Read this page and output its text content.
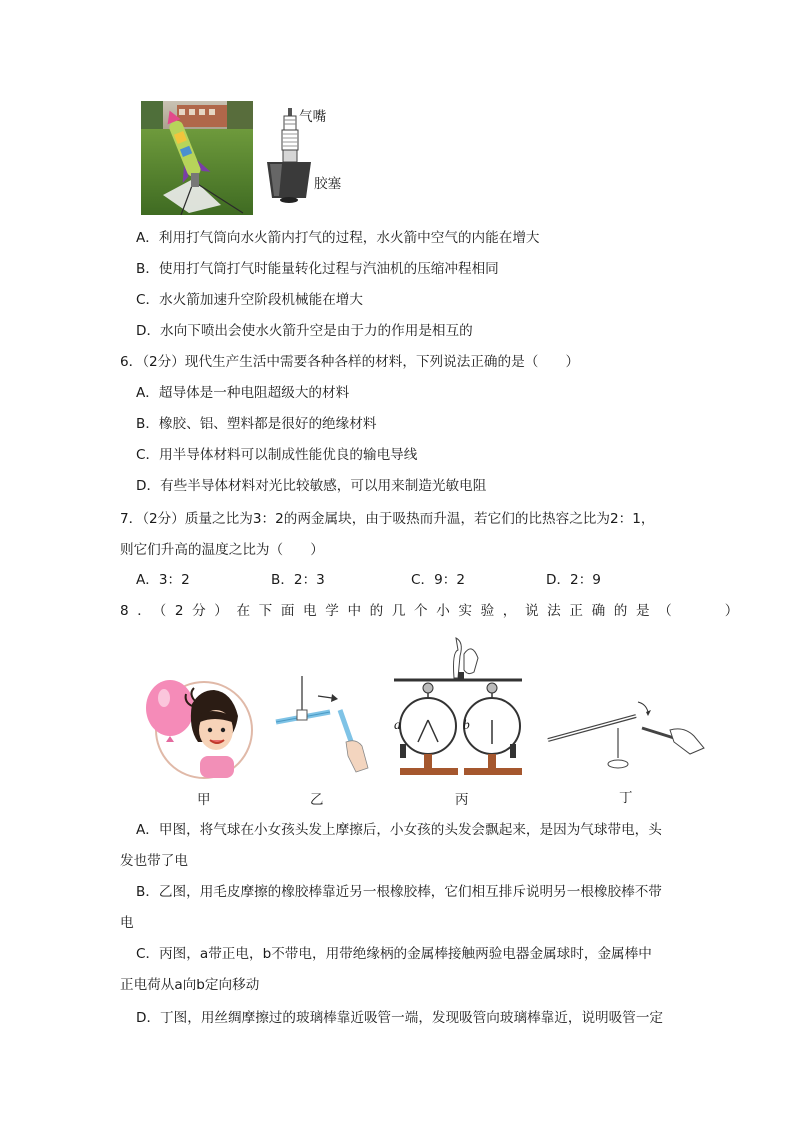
气嘴
胶塞
A．利用打气筒向水火箭内打气的过程，水火箭中空气的内能在增大
B．使用打气筒打气时能量转化过程与汽油机的压缩冲程相同
C．水火箭加速升空阶段机械能在增大
D．水向下喷出会使水火箭升空是由于力的作用是相互的
6．（2分）现代生产生活中需要各种各样的材料，下列说法正确的是（　　）
A．超导体是一种电阻超级大的材料
B．橡胶、铝、塑料都是很好的绝缘材料
C．用半导体材料可以制成性能优良的输电导线
D．有些半导体材料对光比较敏感，可以用来制造光敏电阻
7．（2分）质量之比为3：2的两金属块，由于吸热而升温，若它们的比热容之比为2：1，
则它们升高的温度之比为（　　）
A．3：2	B．2：3	C．9：2	D．2：9
8．（2分）在下面电学中的几个小实验，说法正确的是（　　）
a	b
甲	乙	丙	丁
A．甲图，将气球在小女孩头发上摩擦后，小女孩的头发会飘起来，是因为气球带电，头
发也带了电
B．乙图，用毛皮摩擦的橡胶棒靠近另一根橡胶棒，它们相互排斥说明另一根橡胶棒不带
电
C．丙图，a带正电，b不带电，用带绝缘柄的金属棒接触两验电器金属球时，金属棒中
正电荷从a向b定向移动
D．丁图，用丝绸摩擦过的玻璃棒靠近吸管一端，发现吸管向玻璃棒靠近，说明吸管一定
